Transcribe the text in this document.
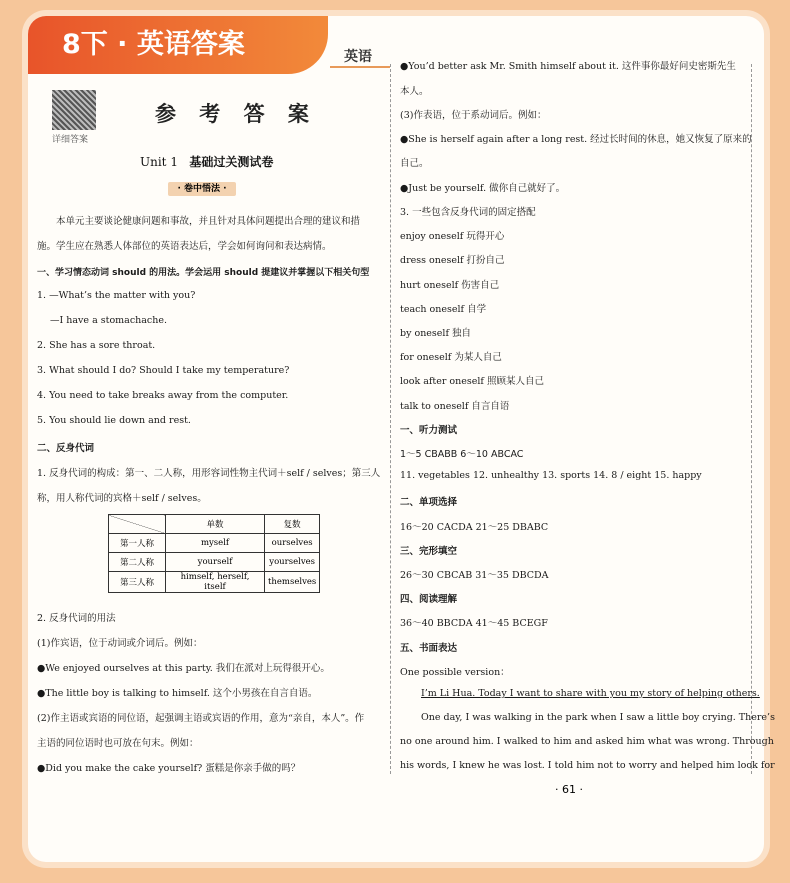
8下 · 英语答案	英语
详细答案
参 考 答 案
Unit 1 基础过关测试卷
· 卷中悟法 ·
本单元主要谈论健康问题和事故，并且针对具体问题提出合理的建议和措
施。学生应在熟悉人体部位的英语表达后，学会如何询问和表达病情。
一、学习情态动词 should 的用法。学会运用 should 提建议并掌握以下相关句型
1. —What’s the matter with you?
—I have a stomachache.
2. She has a sore throat.
3. What should I do? Should I take my temperature?
4. You need to take breaks away from the computer.
5. You should lie down and rest.
二、反身代词
1. 反身代词的构成：第一、二人称，用形容词性物主代词＋self / selves；第三人
称，用人称代词的宾格＋self / selves。
	单数	复数
第一人称	myself	ourselves
第二人称	yourself	yourselves
第三人称	himself, herself, itself	themselves
2. 反身代词的用法
(1)作宾语，位于动词或介词后。例如：
●We enjoyed ourselves at this party. 我们在派对上玩得很开心。
●The little boy is talking to himself. 这个小男孩在自言自语。
(2)作主语或宾语的同位语，起强调主语或宾语的作用，意为“亲自，本人”。作
主语的同位语时也可放在句末。例如：
●Did you make the cake yourself? 蛋糕是你亲手做的吗？
●You’d better ask Mr. Smith himself about it. 这件事你最好问史密斯先生
本人。
(3)作表语，位于系动词后。例如：
●She is herself again after a long rest. 经过长时间的休息，她又恢复了原来的
自己。
●Just be yourself. 做你自己就好了。
3. 一些包含反身代词的固定搭配
enjoy oneself 玩得开心
dress oneself 打扮自己
hurt oneself 伤害自己
teach oneself 自学
by oneself 独自
for oneself 为某人自己
look after oneself 照顾某人自己
talk to oneself 自言自语
一、听力测试
1～5 CBABB 6～10 ABCAC
11. vegetables 12. unhealthy 13. sports 14. 8 / eight 15. happy
二、单项选择
16～20 CACDA 21～25 DBABC
三、完形填空
26～30 CBCAB 31～35 DBCDA
四、阅读理解
36～40 BBCDA 41～45 BCEGF
五、书面表达
One possible version：
I’m Li Hua. Today I want to share with you my story of helping others.
One day, I was walking in the park when I saw a little boy crying. There’s
no one around him. I walked to him and asked him what was wrong. Through
his words, I knew he was lost. I told him not to worry and helped him look for
· 61 ·
